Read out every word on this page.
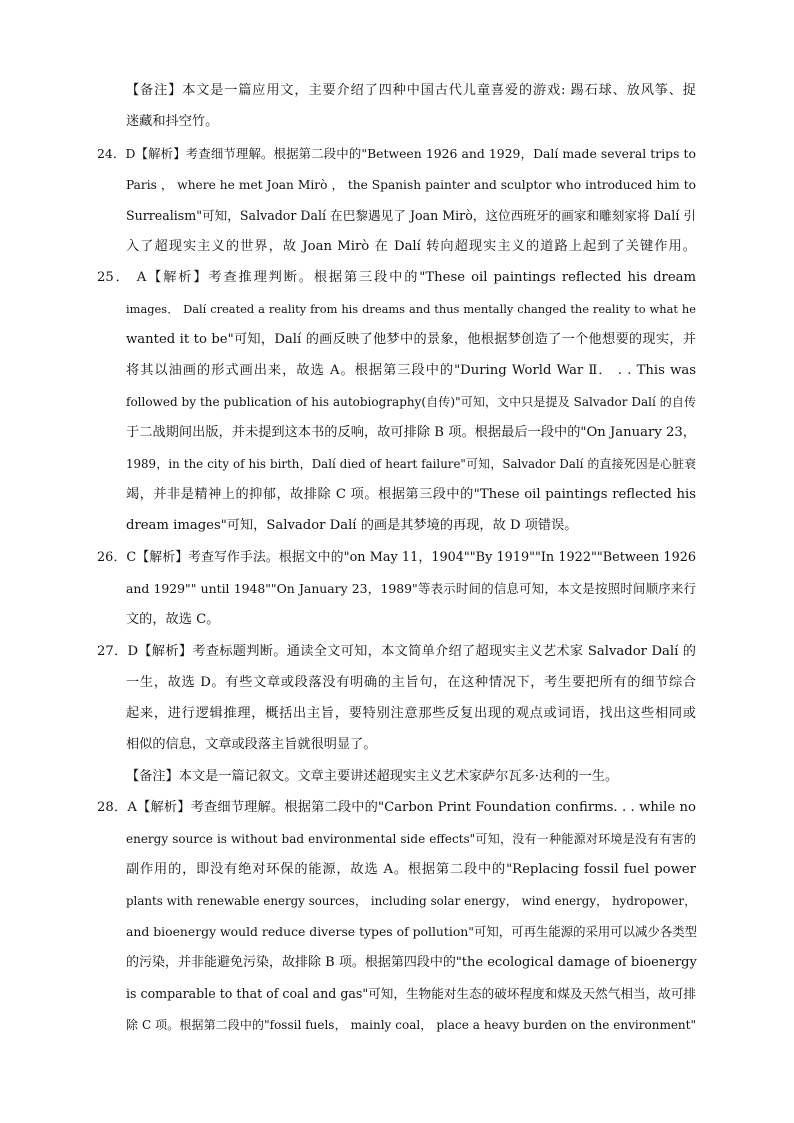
【备注】本文是一篇应用文，主要介绍了四种中国古代儿童喜爱的游戏: 踢石球、放风筝、捉
迷藏和抖空竹。
24．D【解析】考查细节理解。根据第二段中的"Between 1926 and 1929，Dalí made several trips to
Paris ， where he met Joan Mirò ， the Spanish painter and sculptor who introduced him to
Surrealism"可知，Salvador Dalí 在巴黎遇见了 Joan Mirò，这位西班牙的画家和雕刻家将 Dalí 引
入了超现实主义的世界，故 Joan Mirò 在 Dalí 转向超现实主义的道路上起到了关键作用。
25． A【解析】考查推理判断。根据第三段中的"These oil paintings reflected his dream
images． Dalí created a reality from his dreams and thus mentally changed the reality to what he
wanted it to be"可知，Dalí 的画反映了他梦中的景象，他根据梦创造了一个他想要的现实，并
将其以油画的形式画出来，故选 A。根据第三段中的"During World War Ⅱ． . . This was
followed by the publication of his autobiography(自传)"可知，文中只是提及 Salvador Dalí 的自传
于二战期间出版，并未提到这本书的反响，故可排除 B 项。根据最后一段中的"On January 23，
1989，in the city of his birth，Dalí died of heart failure"可知，Salvador Dalí 的直接死因是心脏衰
竭，并非是精神上的抑郁，故排除 C 项。根据第三段中的"These oil paintings reflected his
dream images"可知，Salvador Dalí 的画是其梦境的再现，故 D 项错误。
26．C【解析】考查写作手法。根据文中的"on May 11，1904""By 1919""In 1922""Between 1926
and 1929"" until 1948""On January 23，1989"等表示时间的信息可知，本文是按照时间顺序来行
文的，故选 C。
27．D【解析】考查标题判断。通读全文可知，本文简单介绍了超现实主义艺术家 Salvador Dalí 的
一生，故选 D。有些文章或段落没有明确的主旨句，在这种情况下，考生要把所有的细节综合
起来，进行逻辑推理，概括出主旨，要特别注意那些反复出现的观点或词语，找出这些相同或
相似的信息，文章或段落主旨就很明显了。
【备注】本文是一篇记叙文。文章主要讲述超现实主义艺术家萨尔瓦多·达利的一生。
28．A【解析】考查细节理解。根据第二段中的"Carbon Print Foundation confirms. . . while no
energy source is without bad environmental side effects"可知，没有一种能源对环境是没有有害的
副作用的，即没有绝对环保的能源，故选 A。根据第二段中的"Replacing fossil fuel power
plants with renewable energy sources， including solar energy， wind energy， hydropower，
and bioenergy would reduce diverse types of pollution"可知，可再生能源的采用可以减少各类型
的污染，并非能避免污染，故排除 B 项。根据第四段中的"the ecological damage of bioenergy
is comparable to that of coal and gas"可知，生物能对生态的破坏程度和煤及天然气相当，故可排
除 C 项。根据第二段中的"fossil fuels， mainly coal， place a heavy burden on the environment"
